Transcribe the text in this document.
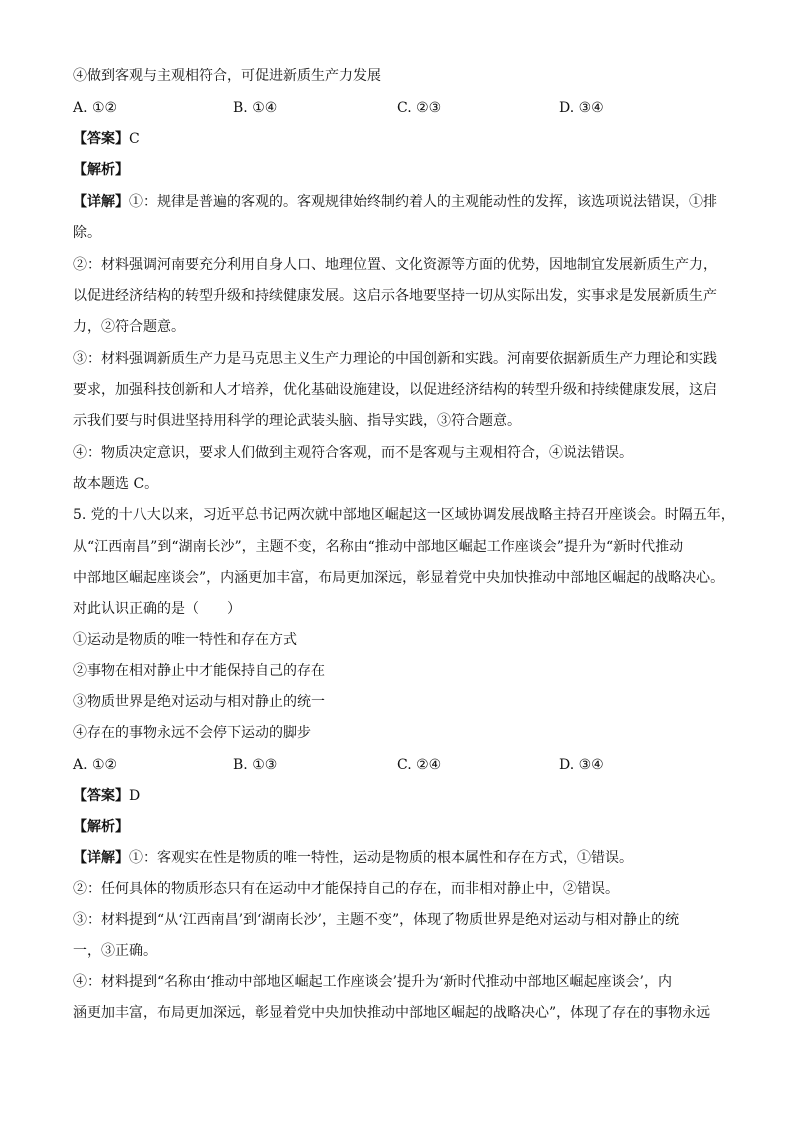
④做到客观与主观相符合，可促进新质生产力发展
A. ①②	B. ①④	C. ②③	D. ③④
【答案】C
【解析】
【详解】①：规律是普遍的客观的。客观规律始终制约着人的主观能动性的发挥，该选项说法错误，①排
除。
②：材料强调河南要充分利用自身人口、地理位置、文化资源等方面的优势，因地制宜发展新质生产力，
以促进经济结构的转型升级和持续健康发展。这启示各地要坚持一切从实际出发，实事求是发展新质生产
力，②符合题意。
③：材料强调新质生产力是马克思主义生产力理论的中国创新和实践。河南要依据新质生产力理论和实践
要求，加强科技创新和人才培养，优化基础设施建设，以促进经济结构的转型升级和持续健康发展，这启
示我们要与时俱进坚持用科学的理论武装头脑、指导实践，③符合题意。
④：物质决定意识，要求人们做到主观符合客观，而不是客观与主观相符合，④说法错误。
故本题选 C。
5. 党的十八大以来，习近平总书记两次就中部地区崛起这一区域协调发展战略主持召开座谈会。时隔五年，
从“江西南昌”到“湖南长沙”，主题不变，名称由“推动中部地区崛起工作座谈会”提升为“新时代推动
中部地区崛起座谈会”，内涵更加丰富，布局更加深远，彰显着党中央加快推动中部地区崛起的战略决心。
对此认识正确的是（　　）
①运动是物质的唯一特性和存在方式
②事物在相对静止中才能保持自己的存在
③物质世界是绝对运动与相对静止的统一
④存在的事物永远不会停下运动的脚步
A. ①②	B. ①③	C. ②④	D. ③④
【答案】D
【解析】
【详解】①：客观实在性是物质的唯一特性，运动是物质的根本属性和存在方式，①错误。
②：任何具体的物质形态只有在运动中才能保持自己的存在，而非相对静止中，②错误。
③：材料提到“从‘江西南昌’到‘湖南长沙’，主题不变”，体现了物质世界是绝对运动与相对静止的统
一，③正确。
④：材料提到“名称由‘推动中部地区崛起工作座谈会’提升为‘新时代推动中部地区崛起座谈会’，内
涵更加丰富，布局更加深远，彰显着党中央加快推动中部地区崛起的战略决心”，体现了存在的事物永远
